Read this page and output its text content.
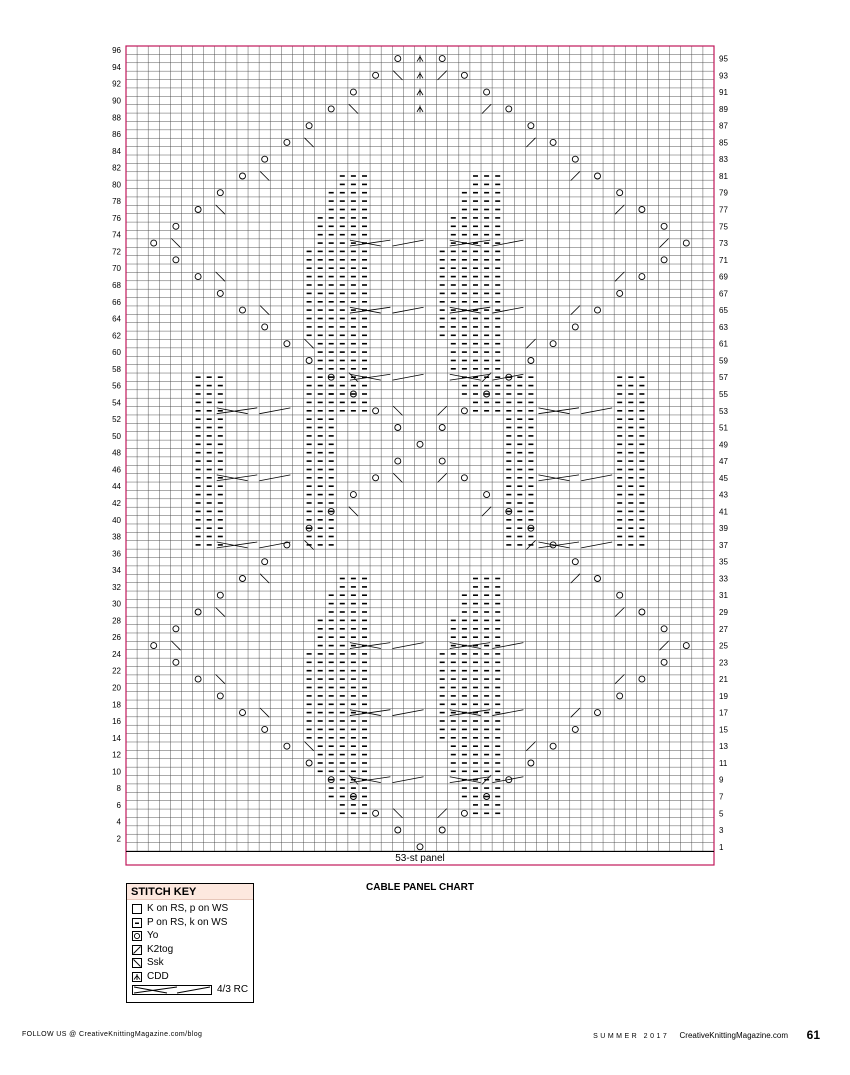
2
4
6
8
10
12
14
16
18
20
22
24
26
28
30
32
34
36
38
40
42
44
46
48
50
52
54
56
58
60
62
64
66
68
70
72
74
76
78
80
82
84
86
88
90
92
94
96
1
3
5
7
9
11
13
15
17
19
21
23
25
27
29
31
33
35
37
39
41
43
45
47
49
51
53
55
57
59
61
63
65
67
69
71
73
75
77
79
81
83
85
87
89
91
93
95
53-st panel
CABLE PANEL CHART
STITCH KEY
K on RS, p on WS
P on RS, k on WS
Yo
K2tog
Ssk
CDD
4/3 RC
FOLLOW US @ CreativeKnittingMagazine.com/blog	SUMMER 2017 CreativeKnittingMagazine.com 61
